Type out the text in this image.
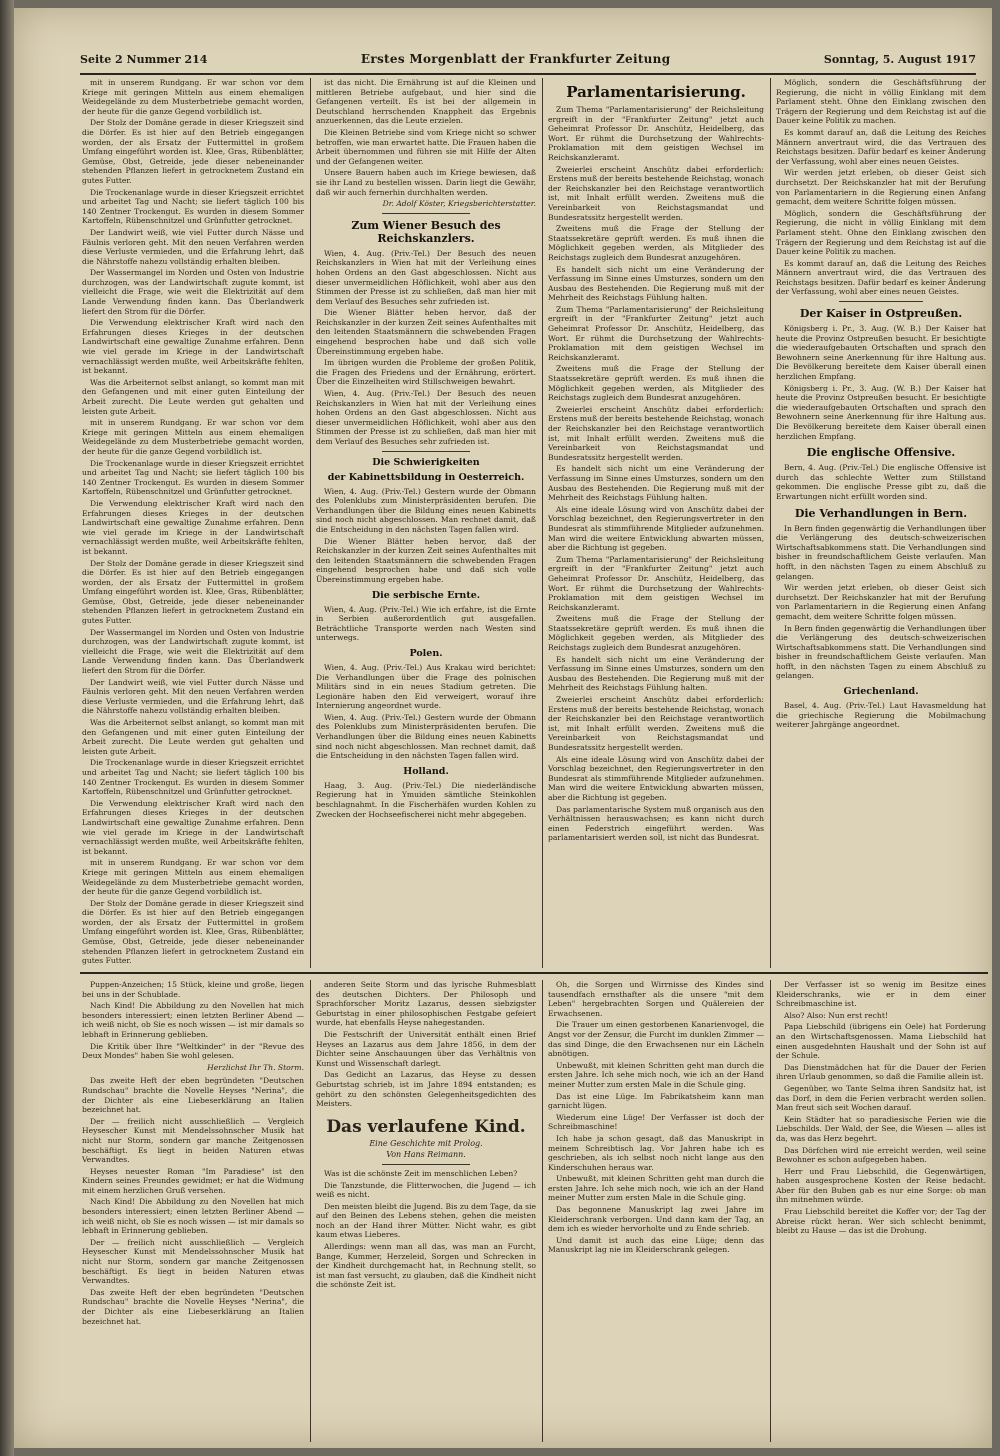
Seite 2 Nummer 214	Erstes Morgenblatt der Frankfurter Zeitung	Sonntag, 5. August 1917

mit in unserem Rundgang. Er war schon vor dem Kriege mit geringen Mitteln aus einem ehemaligen Weidegelände zu dem Musterbetriebe gemacht worden, der heute für die ganze Gegend vorbildlich ist.

Der Stolz der Domäne gerade in dieser Kriegszeit sind die Dörfer. Es ist hier auf den Betrieb eingegangen worden, der als Ersatz der Futtermittel in großem Umfang eingeführt worden ist. Klee, Gras, Rübenblätter, Gemüse, Obst, Getreide, jede dieser nebeneinander stehenden Pflanzen liefert in getrocknetem Zustand ein gutes Futter.

Die Trockenanlage wurde in dieser Kriegszeit errichtet und arbeitet Tag und Nacht; sie liefert täglich 100 bis 140 Zentner Trockengut. Es wurden in diesem Sommer Kartoffeln, Rübenschnitzel und Grünfutter getrocknet.

Der Landwirt weiß, wie viel Futter durch Nässe und Fäulnis verloren geht. Mit den neuen Verfahren werden diese Verluste vermieden, und die Erfahrung lehrt, daß die Nährstoffe nahezu vollständig erhalten bleiben.

Der Wassermangel im Norden und Osten von Industrie durchzogen, was der Landwirtschaft zugute kommt, ist vielleicht die Frage, wie weit die Elektrizität auf dem Lande Verwendung finden kann. Das Überlandwerk liefert den Strom für die Dörfer.

Die Verwendung elektrischer Kraft wird nach den Erfahrungen dieses Krieges in der deutschen Landwirtschaft eine gewaltige Zunahme erfahren. Denn wie viel gerade im Kriege in der Landwirtschaft vernachlässigt werden mußte, weil Arbeitskräfte fehlten, ist bekannt.

Was die Arbeiternot selbst anlangt, so kommt man mit den Gefangenen und mit einer guten Einteilung der Arbeit zurecht. Die Leute werden gut gehalten und leisten gute Arbeit.

mit in unserem Rundgang. Er war schon vor dem Kriege mit geringen Mitteln aus einem ehemaligen Weidegelände zu dem Musterbetriebe gemacht worden, der heute für die ganze Gegend vorbildlich ist.

Die Trockenanlage wurde in dieser Kriegszeit errichtet und arbeitet Tag und Nacht; sie liefert täglich 100 bis 140 Zentner Trockengut. Es wurden in diesem Sommer Kartoffeln, Rübenschnitzel und Grünfutter getrocknet.

Die Verwendung elektrischer Kraft wird nach den Erfahrungen dieses Krieges in der deutschen Landwirtschaft eine gewaltige Zunahme erfahren. Denn wie viel gerade im Kriege in der Landwirtschaft vernachlässigt werden mußte, weil Arbeitskräfte fehlten, ist bekannt.

Der Stolz der Domäne gerade in dieser Kriegszeit sind die Dörfer. Es ist hier auf den Betrieb eingegangen worden, der als Ersatz der Futtermittel in großem Umfang eingeführt worden ist. Klee, Gras, Rübenblätter, Gemüse, Obst, Getreide, jede dieser nebeneinander stehenden Pflanzen liefert in getrocknetem Zustand ein gutes Futter.

Der Wassermangel im Norden und Osten von Industrie durchzogen, was der Landwirtschaft zugute kommt, ist vielleicht die Frage, wie weit die Elektrizität auf dem Lande Verwendung finden kann. Das Überlandwerk liefert den Strom für die Dörfer.

Der Landwirt weiß, wie viel Futter durch Nässe und Fäulnis verloren geht. Mit den neuen Verfahren werden diese Verluste vermieden, und die Erfahrung lehrt, daß die Nährstoffe nahezu vollständig erhalten bleiben.

Was die Arbeiternot selbst anlangt, so kommt man mit den Gefangenen und mit einer guten Einteilung der Arbeit zurecht. Die Leute werden gut gehalten und leisten gute Arbeit.

Die Trockenanlage wurde in dieser Kriegszeit errichtet und arbeitet Tag und Nacht; sie liefert täglich 100 bis 140 Zentner Trockengut. Es wurden in diesem Sommer Kartoffeln, Rübenschnitzel und Grünfutter getrocknet.

Die Verwendung elektrischer Kraft wird nach den Erfahrungen dieses Krieges in der deutschen Landwirtschaft eine gewaltige Zunahme erfahren. Denn wie viel gerade im Kriege in der Landwirtschaft vernachlässigt werden mußte, weil Arbeitskräfte fehlten, ist bekannt.

mit in unserem Rundgang. Er war schon vor dem Kriege mit geringen Mitteln aus einem ehemaligen Weidegelände zu dem Musterbetriebe gemacht worden, der heute für die ganze Gegend vorbildlich ist.

Der Stolz der Domäne gerade in dieser Kriegszeit sind die Dörfer. Es ist hier auf den Betrieb eingegangen worden, der als Ersatz der Futtermittel in großem Umfang eingeführt worden ist. Klee, Gras, Rübenblätter, Gemüse, Obst, Getreide, jede dieser nebeneinander stehenden Pflanzen liefert in getrocknetem Zustand ein gutes Futter.

ist das nicht. Die Ernährung ist auf die Kleinen und mittleren Betriebe aufgebaut, und hier sind die Gefangenen verteilt. Es ist bei der allgemein in Deutschland herrschenden Knappheit das Ergebnis anzuerkennen, das die Leute erzielen.

Die Kleinen Betriebe sind vom Kriege nicht so schwer betroffen, wie man erwartet hatte. Die Frauen haben die Arbeit übernommen und führen sie mit Hilfe der Alten und der Gefangenen weiter.

Unsere Bauern haben auch im Kriege bewiesen, daß sie ihr Land zu bestellen wissen. Darin liegt die Gewähr, daß wir auch fernerhin durchhalten werden.

Dr. Adolf Köster, Kriegsberichterstatter.
Zum Wiener Besuch des Reichskanzlers.

Wien, 4. Aug. (Priv.-Tel.) Der Besuch des neuen Reichskanzlers in Wien hat mit der Verleihung eines hohen Ordens an den Gast abgeschlossen. Nicht aus dieser unvermeidlichen Höflichkeit, wohl aber aus den Stimmen der Presse ist zu schließen, daß man hier mit dem Verlauf des Besuches sehr zufrieden ist.

Die Wiener Blätter heben hervor, daß der Reichskanzler in der kurzen Zeit seines Aufenthaltes mit den leitenden Staatsmännern die schwebenden Fragen eingehend besprochen habe und daß sich volle Übereinstimmung ergeben habe.

Im übrigen wurden die Probleme der großen Politik, die Fragen des Friedens und der Ernährung, erörtert. Über die Einzelheiten wird Stillschweigen bewahrt.

Wien, 4. Aug. (Priv.-Tel.) Der Besuch des neuen Reichskanzlers in Wien hat mit der Verleihung eines hohen Ordens an den Gast abgeschlossen. Nicht aus dieser unvermeidlichen Höflichkeit, wohl aber aus den Stimmen der Presse ist zu schließen, daß man hier mit dem Verlauf des Besuches sehr zufrieden ist.

Die Schwierigkeiten
der Kabinettsbildung in Oesterreich.

Wien, 4. Aug. (Priv.-Tel.) Gestern wurde der Obmann des Polenklubs zum Ministerpräsidenten berufen. Die Verhandlungen über die Bildung eines neuen Kabinetts sind noch nicht abgeschlossen. Man rechnet damit, daß die Entscheidung in den nächsten Tagen fallen wird.

Die Wiener Blätter heben hervor, daß der Reichskanzler in der kurzen Zeit seines Aufenthaltes mit den leitenden Staatsmännern die schwebenden Fragen eingehend besprochen habe und daß sich volle Übereinstimmung ergeben habe.

Die serbische Ernte.

Wien, 4. Aug. (Priv.-Tel.) Wie ich erfahre, ist die Ernte in Serbien außerordentlich gut ausgefallen. Beträchtliche Transporte werden nach Westen sind unterwegs.

Polen.

Wien, 4. Aug. (Priv.-Tel.) Aus Krakau wird berichtet: Die Verhandlungen über die Frage des polnischen Militärs sind in ein neues Stadium getreten. Die Legionäre haben den Eid verweigert, worauf ihre Internierung angeordnet wurde.

Wien, 4. Aug. (Priv.-Tel.) Gestern wurde der Obmann des Polenklubs zum Ministerpräsidenten berufen. Die Verhandlungen über die Bildung eines neuen Kabinetts sind noch nicht abgeschlossen. Man rechnet damit, daß die Entscheidung in den nächsten Tagen fallen wird.

Holland.

Haag, 3. Aug. (Priv.-Tel.) Die niederländische Regierung hat in Ymuiden sämtliche Steinkohlen beschlagnahmt. In die Fischerhäfen wurden Kohlen zu Zwecken der Hochseefischerei nicht mehr abgegeben.

Parlamentarisierung.

Zum Thema "Parlamentarisierung" der Reichsleitung ergreift in der "Frankfurter Zeitung" jetzt auch Geheimrat Professor Dr. Anschütz, Heidelberg, das Wort. Er rühmt die Durchsetzung der Wahlrechts-Proklamation mit dem geistigen Wechsel im Reichskanzleramt.

Zweierlei erscheint Anschütz dabei erforderlich: Erstens muß der bereits bestehende Reichstag, wonach der Reichskanzler bei den Reichstage verantwortlich ist, mit Inhalt erfüllt werden. Zweitens muß die Vereinbarkeit von Reichstagsmandat und Bundesratssitz hergestellt werden.

Zweitens muß die Frage der Stellung der Staatssekretäre geprüft werden. Es muß ihnen die Möglichkeit gegeben werden, als Mitglieder des Reichstags zugleich dem Bundesrat anzugehören.

Es handelt sich nicht um eine Veränderung der Verfassung im Sinne eines Umsturzes, sondern um den Ausbau des Bestehenden. Die Regierung muß mit der Mehrheit des Reichstags Fühlung halten.

Zum Thema "Parlamentarisierung" der Reichsleitung ergreift in der "Frankfurter Zeitung" jetzt auch Geheimrat Professor Dr. Anschütz, Heidelberg, das Wort. Er rühmt die Durchsetzung der Wahlrechts-Proklamation mit dem geistigen Wechsel im Reichskanzleramt.

Zweitens muß die Frage der Stellung der Staatssekretäre geprüft werden. Es muß ihnen die Möglichkeit gegeben werden, als Mitglieder des Reichstags zugleich dem Bundesrat anzugehören.

Zweierlei erscheint Anschütz dabei erforderlich: Erstens muß der bereits bestehende Reichstag, wonach der Reichskanzler bei den Reichstage verantwortlich ist, mit Inhalt erfüllt werden. Zweitens muß die Vereinbarkeit von Reichstagsmandat und Bundesratssitz hergestellt werden.

Es handelt sich nicht um eine Veränderung der Verfassung im Sinne eines Umsturzes, sondern um den Ausbau des Bestehenden. Die Regierung muß mit der Mehrheit des Reichstags Fühlung halten.

Als eine ideale Lösung wird von Anschütz dabei der Vorschlag bezeichnet, den Regierungsvertreter in den Bundesrat als stimmführende Mitglieder aufzunehmen. Man wird die weitere Entwicklung abwarten müssen, aber die Richtung ist gegeben.

Zum Thema "Parlamentarisierung" der Reichsleitung ergreift in der "Frankfurter Zeitung" jetzt auch Geheimrat Professor Dr. Anschütz, Heidelberg, das Wort. Er rühmt die Durchsetzung der Wahlrechts-Proklamation mit dem geistigen Wechsel im Reichskanzleramt.

Zweitens muß die Frage der Stellung der Staatssekretäre geprüft werden. Es muß ihnen die Möglichkeit gegeben werden, als Mitglieder des Reichstags zugleich dem Bundesrat anzugehören.

Es handelt sich nicht um eine Veränderung der Verfassung im Sinne eines Umsturzes, sondern um den Ausbau des Bestehenden. Die Regierung muß mit der Mehrheit des Reichstags Fühlung halten.

Zweierlei erscheint Anschütz dabei erforderlich: Erstens muß der bereits bestehende Reichstag, wonach der Reichskanzler bei den Reichstage verantwortlich ist, mit Inhalt erfüllt werden. Zweitens muß die Vereinbarkeit von Reichstagsmandat und Bundesratssitz hergestellt werden.

Als eine ideale Lösung wird von Anschütz dabei der Vorschlag bezeichnet, den Regierungsvertreter in den Bundesrat als stimmführende Mitglieder aufzunehmen. Man wird die weitere Entwicklung abwarten müssen, aber die Richtung ist gegeben.

Das parlamentarische System muß organisch aus den Verhältnissen herauswachsen; es kann nicht durch einen Federstrich eingeführt werden. Was parlamentarisiert werden soll, ist nicht das Bundesrat.

Möglich, sondern die Geschäftsführung der Regierung, die nicht in völlig Einklang mit dem Parlament steht. Ohne den Einklang zwischen den Trägern der Regierung und dem Reichstag ist auf die Dauer keine Politik zu machen.

Es kommt darauf an, daß die Leitung des Reiches Männern anvertraut wird, die das Vertrauen des Reichstags besitzen. Dafür bedarf es keiner Änderung der Verfassung, wohl aber eines neuen Geistes.

Wir werden jetzt erleben, ob dieser Geist sich durchsetzt. Der Reichskanzler hat mit der Berufung von Parlamentariern in die Regierung einen Anfang gemacht, dem weitere Schritte folgen müssen.

Möglich, sondern die Geschäftsführung der Regierung, die nicht in völlig Einklang mit dem Parlament steht. Ohne den Einklang zwischen den Trägern der Regierung und dem Reichstag ist auf die Dauer keine Politik zu machen.

Es kommt darauf an, daß die Leitung des Reiches Männern anvertraut wird, die das Vertrauen des Reichstags besitzen. Dafür bedarf es keiner Änderung der Verfassung, wohl aber eines neuen Geistes.

Der Kaiser in Ostpreußen.

Königsberg i. Pr., 3. Aug. (W. B.) Der Kaiser hat heute die Provinz Ostpreußen besucht. Er besichtigte die wiederaufgebauten Ortschaften und sprach den Bewohnern seine Anerkennung für ihre Haltung aus. Die Bevölkerung bereitete dem Kaiser überall einen herzlichen Empfang.

Königsberg i. Pr., 3. Aug. (W. B.) Der Kaiser hat heute die Provinz Ostpreußen besucht. Er besichtigte die wiederaufgebauten Ortschaften und sprach den Bewohnern seine Anerkennung für ihre Haltung aus. Die Bevölkerung bereitete dem Kaiser überall einen herzlichen Empfang.

Die englische Offensive.

Bern, 4. Aug. (Priv.-Tel.) Die englische Offensive ist durch das schlechte Wetter zum Stillstand gekommen. Die englische Presse gibt zu, daß die Erwartungen nicht erfüllt worden sind.

Die Verhandlungen in Bern.

In Bern finden gegenwärtig die Verhandlungen über die Verlängerung des deutsch-schweizerischen Wirtschaftsabkommens statt. Die Verhandlungen sind bisher in freundschaftlichem Geiste verlaufen. Man hofft, in den nächsten Tagen zu einem Abschluß zu gelangen.

Wir werden jetzt erleben, ob dieser Geist sich durchsetzt. Der Reichskanzler hat mit der Berufung von Parlamentariern in die Regierung einen Anfang gemacht, dem weitere Schritte folgen müssen.

In Bern finden gegenwärtig die Verhandlungen über die Verlängerung des deutsch-schweizerischen Wirtschaftsabkommens statt. Die Verhandlungen sind bisher in freundschaftlichem Geiste verlaufen. Man hofft, in den nächsten Tagen zu einem Abschluß zu gelangen.

Griechenland.

Basel, 4. Aug. (Priv.-Tel.) Laut Havasmeldung hat die griechische Regierung die Mobilmachung weiterer Jahrgänge angeordnet.

Puppen-Anzeichen; 15 Stück, kleine und große, liegen bei uns in der Schublade.

Nach Kind! Die Abbildung zu den Novellen hat mich besonders interessiert; einen letzten Berliner Abend — ich weiß nicht, ob Sie es noch wissen — ist mir damals so lebhaft in Erinnerung geblieben.

Die Kritik über Ihre "Weltkinder" in der "Revue des Deux Mondes" haben Sie wohl gelesen.

Herzlichst Ihr Th. Storm.

Das zweite Heft der eben begründeten "Deutschen Rundschau" brachte die Novelle Heyses "Nerina", die der Dichter als eine Liebeserklärung an Italien bezeichnet hat.

Der — freilich nicht ausschließlich — Vergleich Heysescher Kunst mit Mendelssohnscher Musik hat nicht nur Storm, sondern gar manche Zeitgenossen beschäftigt. Es liegt in beiden Naturen etwas Verwandtes.

Heyses neuester Roman "Im Paradiese" ist den Kindern seines Freundes gewidmet; er hat die Widmung mit einem herzlichen Gruß versehen.

Nach Kind! Die Abbildung zu den Novellen hat mich besonders interessiert; einen letzten Berliner Abend — ich weiß nicht, ob Sie es noch wissen — ist mir damals so lebhaft in Erinnerung geblieben.

Der — freilich nicht ausschließlich — Vergleich Heysescher Kunst mit Mendelssohnscher Musik hat nicht nur Storm, sondern gar manche Zeitgenossen beschäftigt. Es liegt in beiden Naturen etwas Verwandtes.

Das zweite Heft der eben begründeten "Deutschen Rundschau" brachte die Novelle Heyses "Nerina", die der Dichter als eine Liebeserklärung an Italien bezeichnet hat.

anderen Seite Storm und das lyrische Ruhmesblatt des deutschen Dichters. Der Philosoph und Sprachforscher Moritz Lazarus, dessen siebzigster Geburtstag in einer philosophischen Festgabe gefeiert wurde, hat ebenfalls Heyse nahegestanden.

Die Festschrift der Universität enthält einen Brief Heyses an Lazarus aus dem Jahre 1856, in dem der Dichter seine Anschauungen über das Verhältnis von Kunst und Wissenschaft darlegt.

Das Gedicht an Lazarus, das Heyse zu dessen Geburtstag schrieb, ist im Jahre 1894 entstanden; es gehört zu den schönsten Gelegenheitsgedichten des Meisters.

Das verlaufene Kind.
Eine Geschichte mit Prolog.
Von Hans Reimann.

Was ist die schönste Zeit im menschlichen Leben?

Die Tanzstunde, die Flitterwochen, die Jugend — ich weiß es nicht.

Den meisten bleibt die Jugend. Bis zu dem Tage, da sie auf den Beinen des Lebens stehen, gehen die meisten noch an der Hand ihrer Mütter. Nicht wahr, es gibt kaum etwas Lieberes.

Allerdings: wenn man all das, was man an Furcht, Bange, Kummer, Herzeleid, Sorgen und Schrecken in der Kindheit durchgemacht hat, in Rechnung stellt, so ist man fast versucht, zu glauben, daß die Kindheit nicht die schönste Zeit ist.

Oh, die Sorgen und Wirrnisse des Kindes sind tausendfach ernsthafter als die unsere "mit dem Leben" hergebrachten Sorgen und Quälereien der Erwachsenen.

Die Trauer um einen gestorbenen Kanarienvogel, die Angst vor der Zensur, die Furcht im dunklen Zimmer — das sind Dinge, die den Erwachsenen nur ein Lächeln abnötigen.

Unbewußt, mit kleinen Schritten geht man durch die ersten Jahre. Ich sehe mich noch, wie ich an der Hand meiner Mutter zum ersten Male in die Schule ging.

Das ist eine Lüge. Im Fabrikatsheim kann man garnicht lügen.

Wiederum eine Lüge! Der Verfasser ist doch der Schreibmaschine!

Ich habe ja schon gesagt, daß das Manuskript in meinem Schreibtisch lag. Vor Jahren habe ich es geschrieben, als ich selbst noch nicht lange aus den Kinderschuhen heraus war.

Unbewußt, mit kleinen Schritten geht man durch die ersten Jahre. Ich sehe mich noch, wie ich an der Hand meiner Mutter zum ersten Male in die Schule ging.

Das begonnene Manuskript lag zwei Jahre im Kleiderschrank verborgen. Und dann kam der Tag, an dem ich es wieder hervorholte und zu Ende schrieb.

Und damit ist auch das eine Lüge; denn das Manuskript lag nie im Kleiderschrank gelegen.

Der Verfasser ist so wenig im Besitze eines Kleiderschranks, wie er in dem einer Schreibmaschine ist.

Also? Also: Nun erst recht!

Papa Liebschild (übrigens ein Oele) hat Forderung an den Wirtschaftsgenossen. Mama Liebschild hat einen ausgedehnten Haushalt und der Sohn ist auf der Schule.

Das Dienstmädchen hat für die Dauer der Ferien ihren Urlaub genommen, so daß die Familie allein ist.

Gegenüber, wo Tante Selma ihren Sandsitz hat, ist das Dorf, in dem die Ferien verbracht werden sollen. Man freut sich seit Wochen darauf.

Kein Städter hat so paradiesische Ferien wie die Liebschilds. Der Wald, der See, die Wiesen — alles ist da, was das Herz begehrt.

Das Dörfchen wird nie erreicht werden, weil seine Bewohner es schon aufgegeben haben.

Herr und Frau Liebschild, die Gegenwärtigen, haben ausgesprochene Kosten der Reise bedacht. Aber für den Buben gab es nur eine Sorge: ob man ihn mitnehmen würde.

Frau Liebschild bereitet die Koffer vor; der Tag der Abreise rückt heran. Wer sich schlecht benimmt, bleibt zu Hause — das ist die Drohung.
